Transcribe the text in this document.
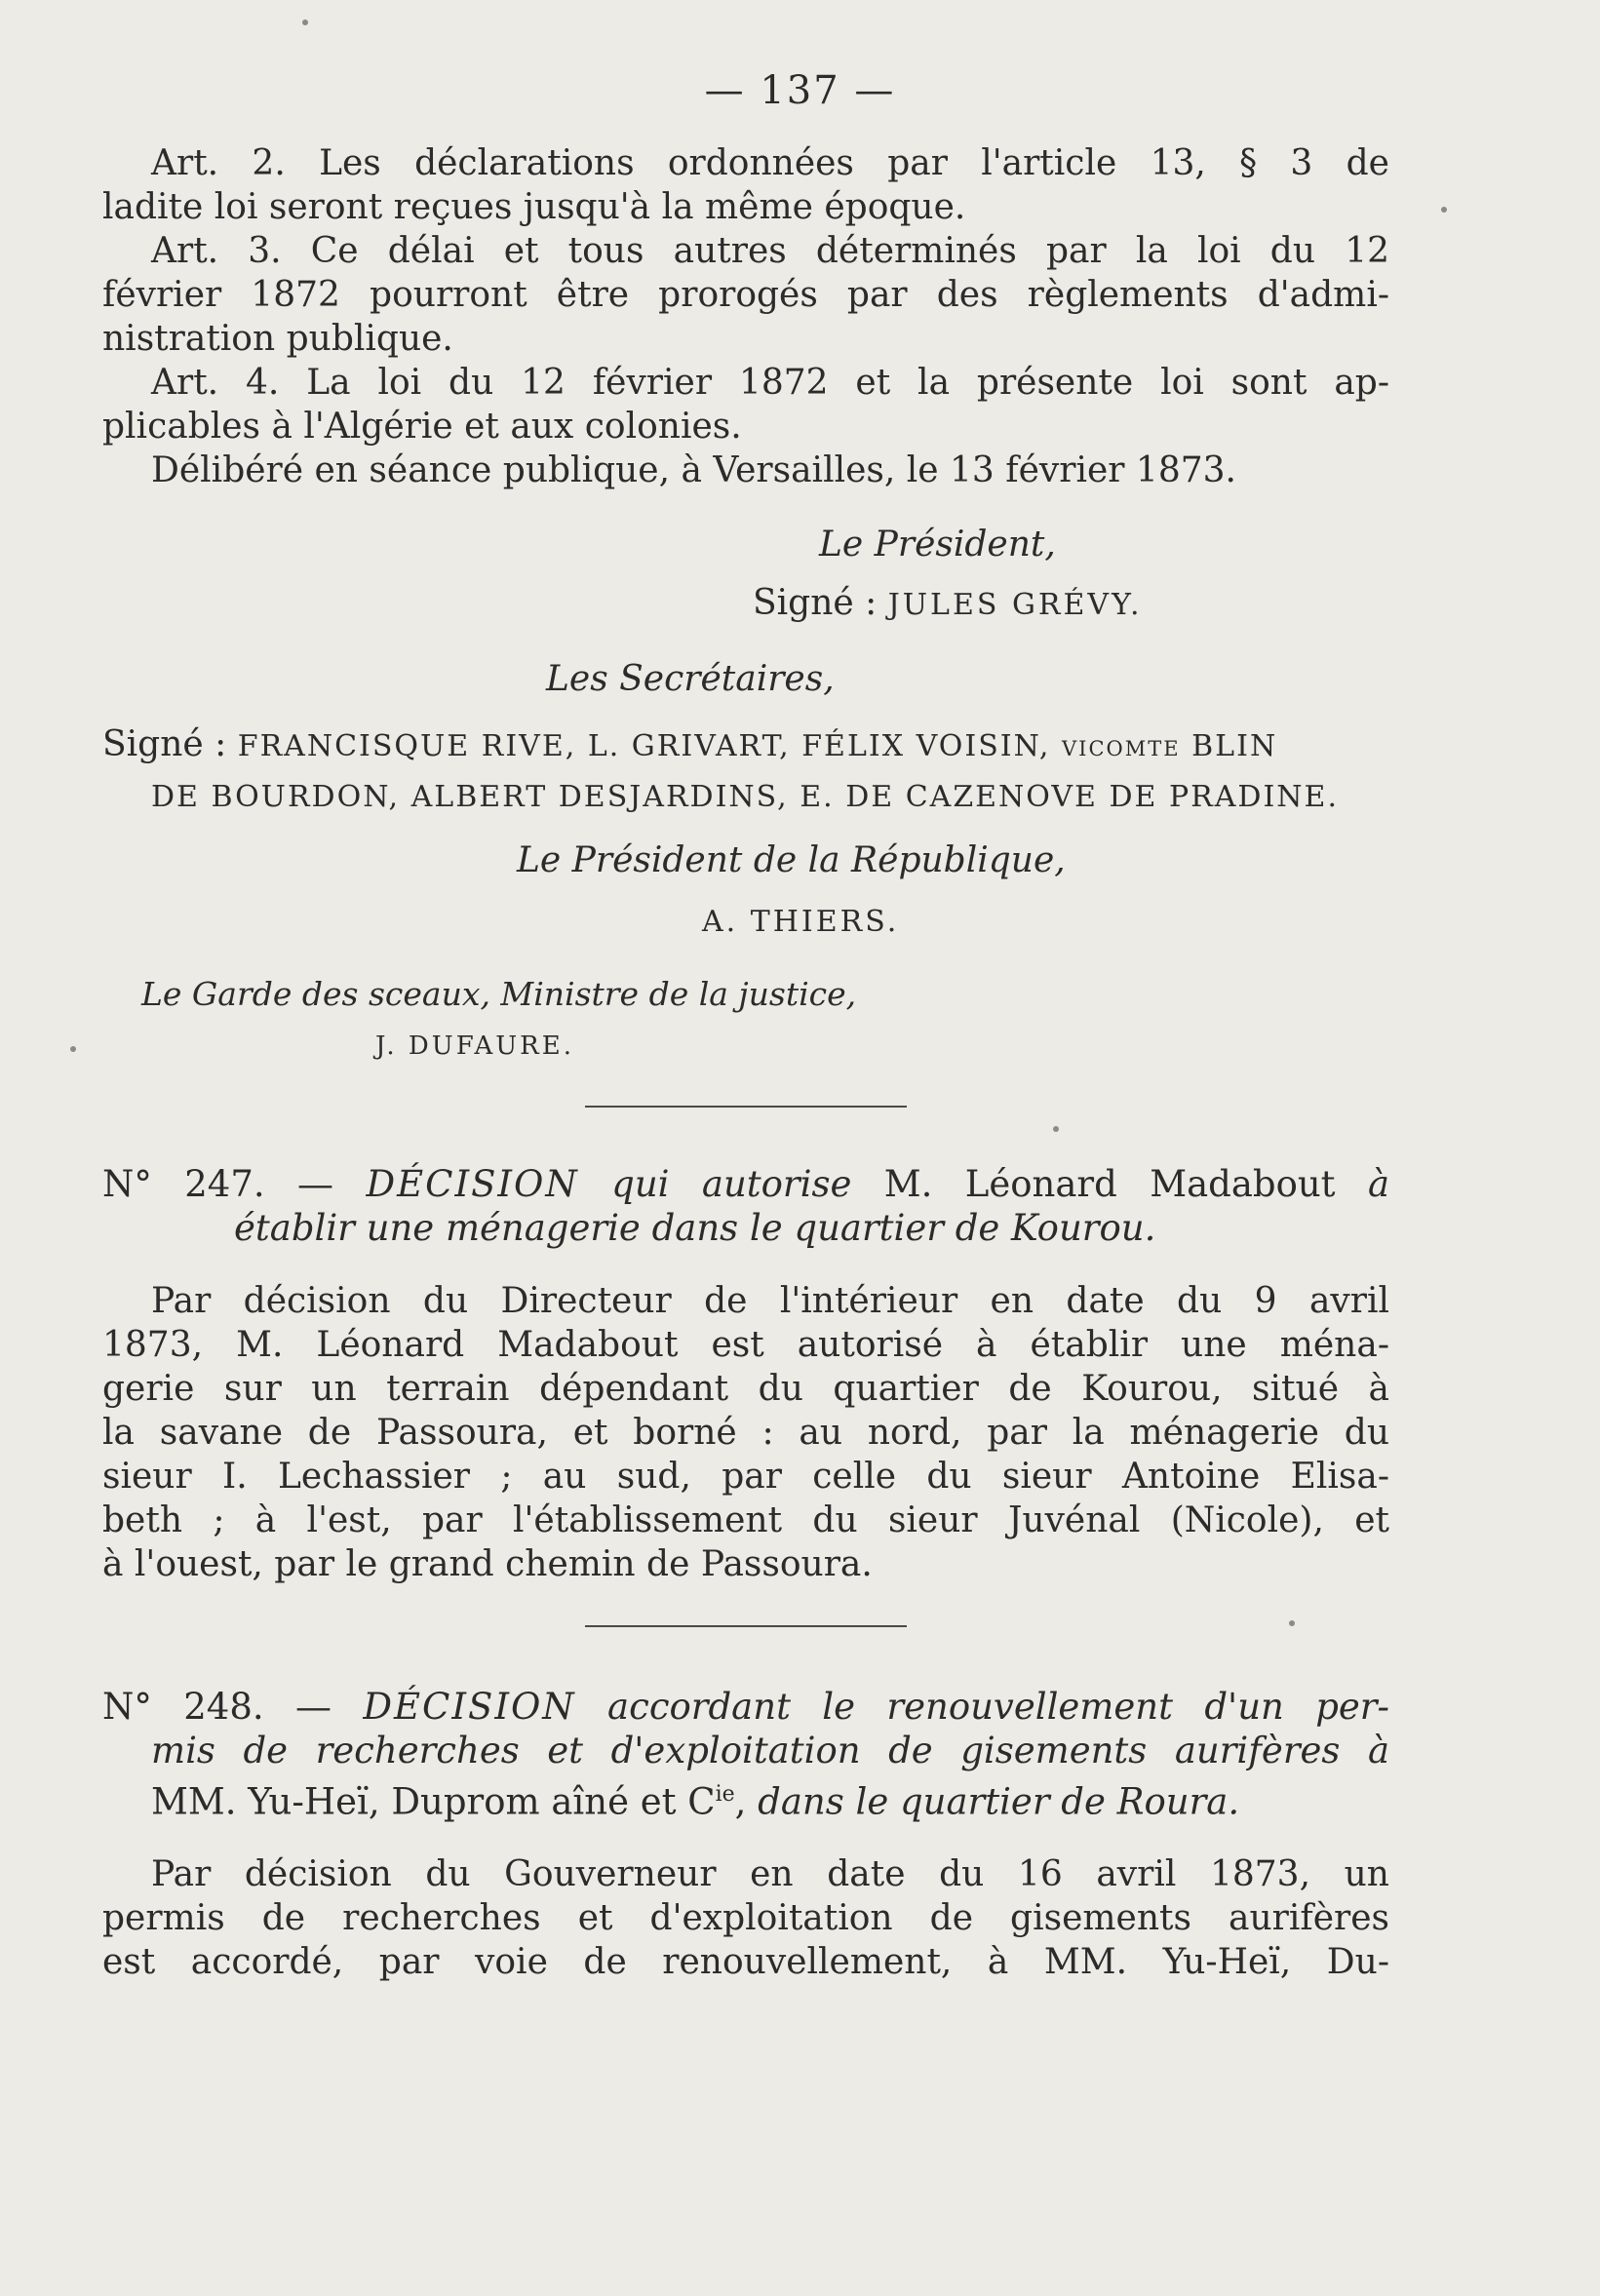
— 137 —

Art. 2. Les déclarations ordonnées par l'article 13, § 3 de
ladite loi seront reçues jusqu'à la même époque.

Art. 3. Ce délai et tous autres déterminés par la loi du 12
février 1872 pourront être prorogés par des règlements d'admi-
nistration publique.

Art. 4. La loi du 12 février 1872 et la présente loi sont ap-
plicables à l'Algérie et aux colonies.

Délibéré en séance publique, à Versailles, le 13 février 1873.

Le Président,
Signé : JULES GRÉVY.
Les Secrétaires,
Signé : FRANCISQUE RIVE, L. GRIVART, FÉLIX VOISIN, vicomte BLIN
DE BOURDON, ALBERT DESJARDINS, E. DE CAZENOVE DE PRADINE.
Le Président de la République,
A. THIERS.
Le Garde des sceaux, Ministre de la justice,
J. DUFAURE.

N° 247. — DÉCISION qui autorise M. Léonard Madabout à
établir une ménagerie dans le quartier de Kourou.

Par décision du Directeur de l'intérieur en date du 9 avril
1873, M. Léonard Madabout est autorisé à établir une ména-
gerie sur un terrain dépendant du quartier de Kourou, situé à
la savane de Passoura, et borné : au nord, par la ménagerie du
sieur I. Lechassier ; au sud, par celle du sieur Antoine Elisa-
beth ; à l'est, par l'établissement du sieur Juvénal (Nicole), et
à l'ouest, par le grand chemin de Passoura.

N° 248. — DÉCISION accordant le renouvellement d'un per-
mis de recherches et d'exploitation de gisements aurifères à
MM. Yu-Heï, Duprom aîné et $C^{ie}$, dans le quartier de Roura.

Par décision du Gouverneur en date du 16 avril 1873, un
permis de recherches et d'exploitation de gisements aurifères
est accordé, par voie de renouvellement, à MM. Yu-Heï, Du-
